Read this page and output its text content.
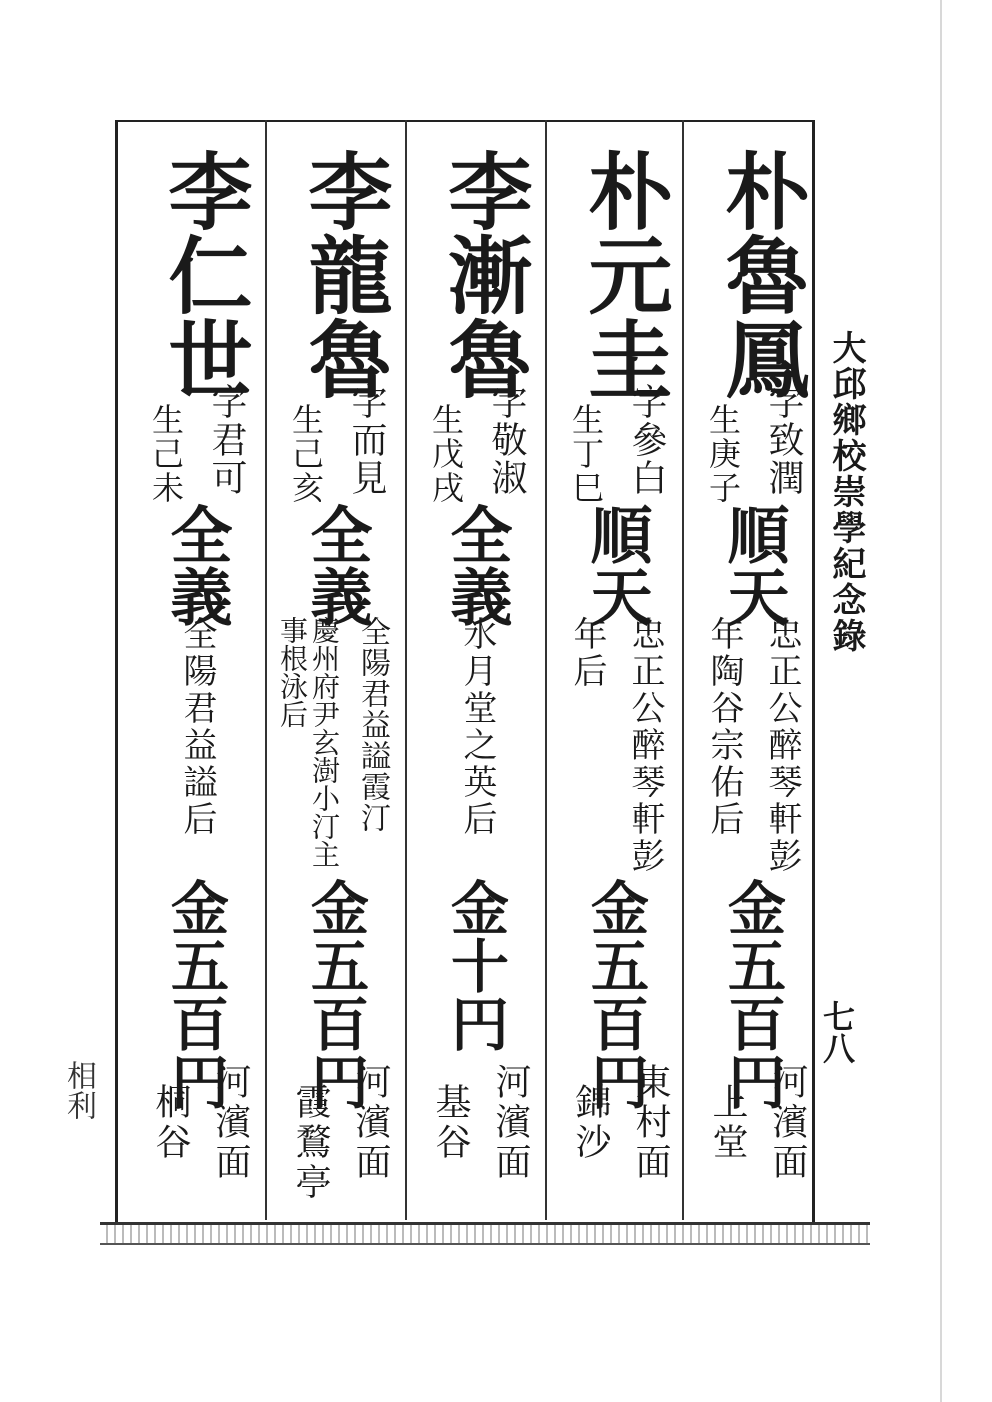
大邱鄉校崇學紀念錄
七八
相利
朴魯鳳
字致潤
生庚子
順天
忠正公醉琴軒彭
年陶谷宗佑后
金五百円
河濱面
上堂
朴元圭
字參白
生丁巳
順天
忠正公醉琴軒彭
年后
金五百円
東村面
錦沙
李漸魯
字敬淑
生戊戌
全義
氷月堂之英后
金十円
河濱面
基谷
李龍魯
字而見
生己亥
全義
全陽君益謚霞汀
慶州府尹玄澍小汀主事根泳后
金五百円
河濱面
霞鶩亭
李仁世
字君可
生己未
全義
全陽君益謚后
金五百円
河濱面
桐谷
